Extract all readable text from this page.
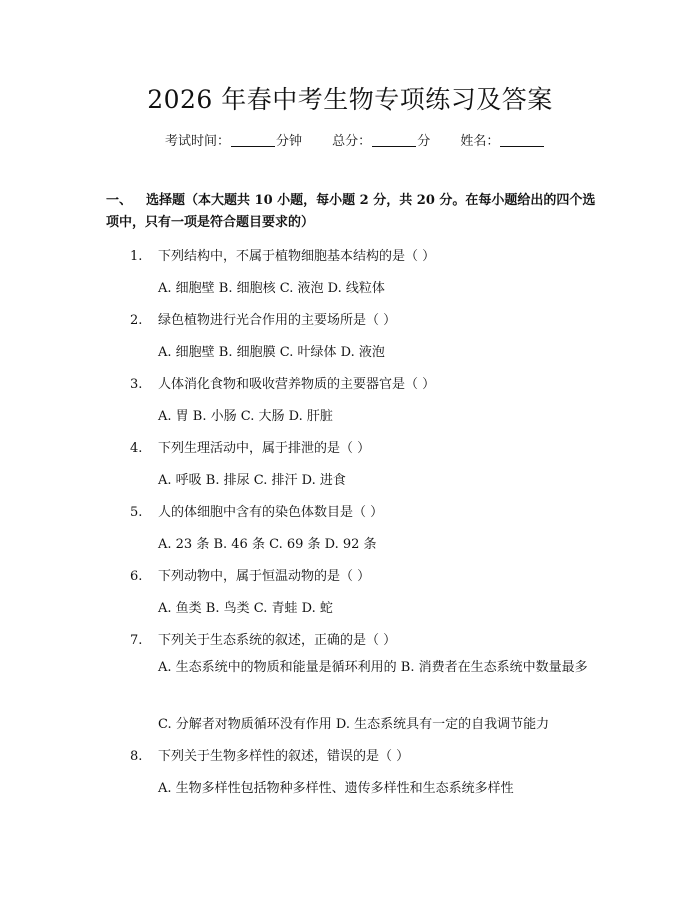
2026 年春中考生物专项练习及答案
考试时间：	分钟 总分：	分 姓名：
一、 选择题（本大题共 10 小题，每小题 2 分，共 20 分。在每小题给出的四个选项中，只有一项是符合题目要求的）
1. 下列结构中，不属于植物细胞基本结构的是（ ）
A. 细胞壁 B. 细胞核 C. 液泡 D. 线粒体
2. 绿色植物进行光合作用的主要场所是（ ）
A. 细胞壁 B. 细胞膜 C. 叶绿体 D. 液泡
3. 人体消化食物和吸收营养物质的主要器官是（ ）
A. 胃 B. 小肠 C. 大肠 D. 肝脏
4. 下列生理活动中，属于排泄的是（ ）
A. 呼吸 B. 排尿 C. 排汗 D. 进食
5. 人的体细胞中含有的染色体数目是（ ）
A. 23 条 B. 46 条 C. 69 条 D. 92 条
6. 下列动物中，属于恒温动物的是（ ）
A. 鱼类 B. 鸟类 C. 青蛙 D. 蛇
7. 下列关于生态系统的叙述，正确的是（ ）
A. 生态系统中的物质和能量是循环利用的 B. 消费者在生态系统中数量最多
C. 分解者对物质循环没有作用 D. 生态系统具有一定的自我调节能力
8. 下列关于生物多样性的叙述，错误的是（ ）
A. 生物多样性包括物种多样性、遗传多样性和生态系统多样性
